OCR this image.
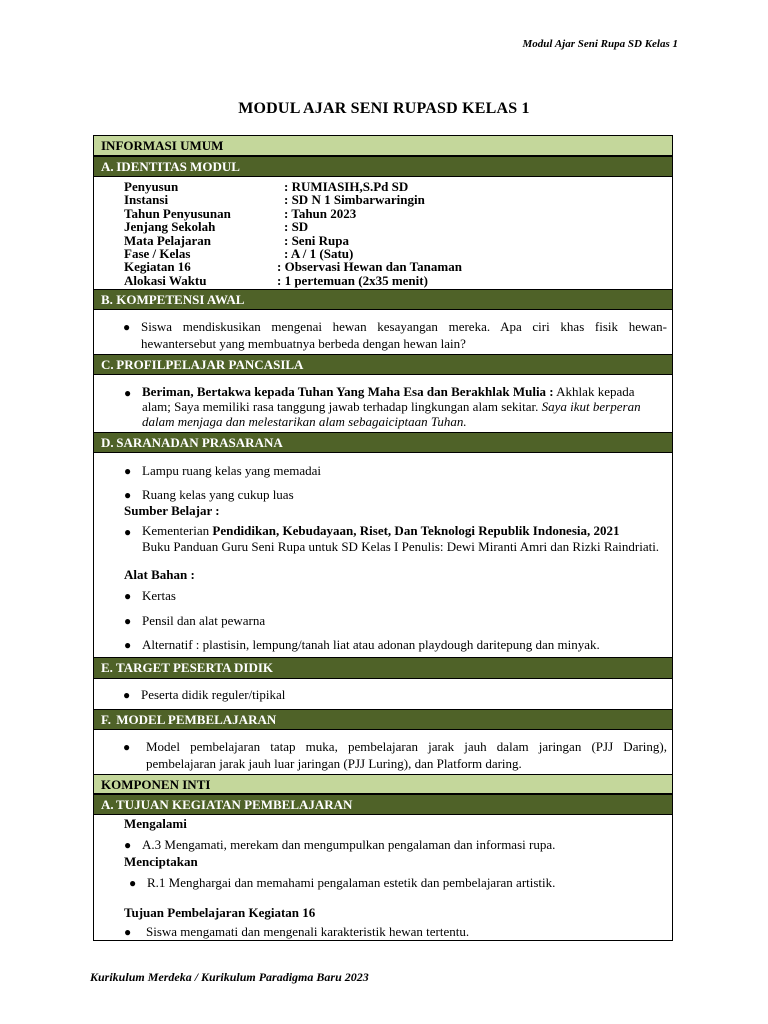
Modul Ajar Seni Rupa SD Kelas 1
MODUL AJAR SENI RUPASD KELAS 1
INFORMASI UMUM
A. IDENTITAS MODUL
Penyusun	: RUMIASIH,S.Pd SD
Instansi	: SD N 1 Simbarwaringin
Tahun Penyusunan	: Tahun 2023
Jenjang Sekolah	: SD
Mata Pelajaran	: Seni Rupa
Fase / Kelas	: A / 1 (Satu)
Kegiatan 16	: Observasi Hewan dan Tanaman
Alokasi Waktu	: 1 pertemuan (2x35 menit)
B. KOMPETENSI AWAL
● Siswa mendiskusikan mengenai hewan kesayangan mereka. Apa ciri khas fisik hewan-hewantersebut yang membuatnya berbeda dengan hewan lain?
C. PROFILPELAJAR PANCASILA
● Beriman, Bertakwa kepada Tuhan Yang Maha Esa dan Berakhlak Mulia : Akhlak kepada alam; Saya memiliki rasa tanggung jawab terhadap lingkungan alam sekitar. Saya ikut berperan dalam menjaga dan melestarikan alam sebagaiciptaan Tuhan.
D. SARANADAN PRASARANA
● Lampu ruang kelas yang memadai
● Ruang kelas yang cukup luas
Sumber Belajar :
● Kementerian Pendidikan, Kebudayaan, Riset, Dan Teknologi Republik Indonesia, 2021
Buku Panduan Guru Seni Rupa untuk SD Kelas I Penulis: Dewi Miranti Amri dan Rizki Raindriati.
Alat Bahan :
● Kertas
● Pensil dan alat pewarna
● Alternatif : plastisin, lempung/tanah liat atau adonan playdough daritepung dan minyak.
E. TARGET PESERTA DIDIK
● Peserta didik reguler/tipikal
F. MODEL PEMBELAJARAN
● Model pembelajaran tatap muka, pembelajaran jarak jauh dalam jaringan (PJJ Daring), pembelajaran jarak jauh luar jaringan (PJJ Luring), dan Platform daring.
KOMPONEN INTI
A. TUJUAN KEGIATAN PEMBELAJARAN
Mengalami
● A.3 Mengamati, merekam dan mengumpulkan pengalaman dan informasi rupa.
Menciptakan
● R.1 Menghargai dan memahami pengalaman estetik dan pembelajaran artistik.
Tujuan Pembelajaran Kegiatan 16
● Siswa mengamati dan mengenali karakteristik hewan tertentu.
Kurikulum Merdeka / Kurikulum Paradigma Baru 2023
